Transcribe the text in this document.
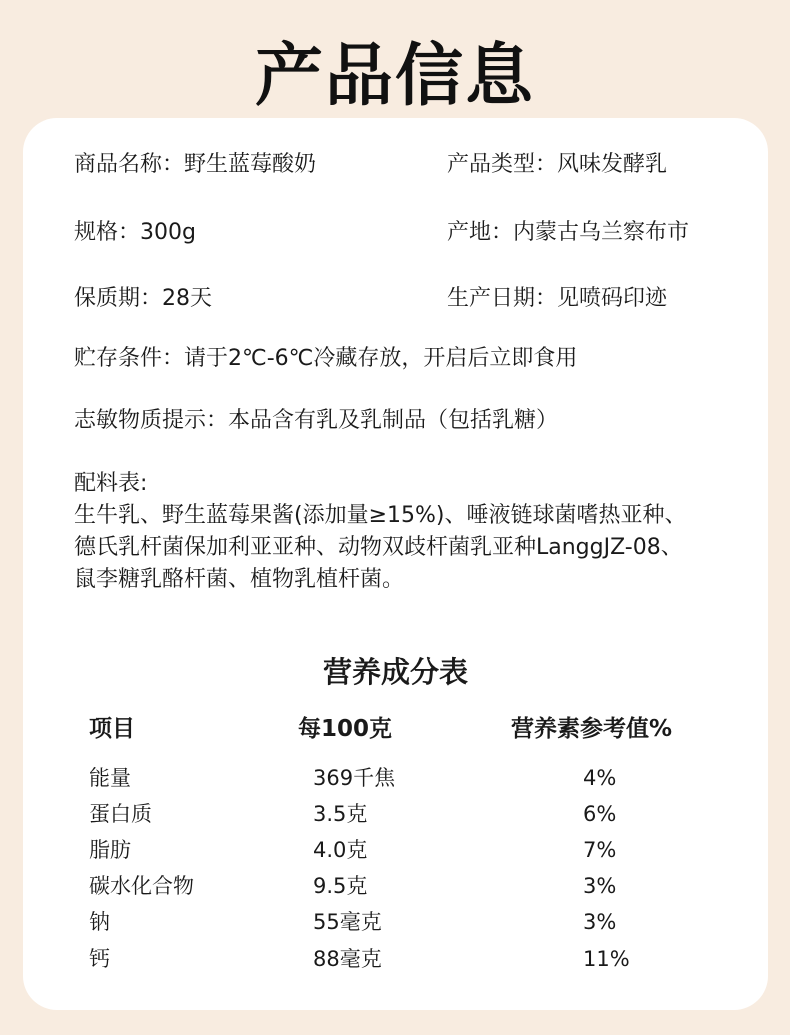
产品信息
商品名称：野生蓝莓酸奶	产品类型：风味发酵乳
规格：300g	产地：内蒙古乌兰察布市
保质期：28天	生产日期：见喷码印迹
贮存条件：请于2℃-6℃冷藏存放，开启后立即食用
志敏物质提示：本品含有乳及乳制品（包括乳糖）
配料表:
生牛乳、野生蓝莓果酱(添加量≥15%)、唾液链球菌嗜热亚种、
德氏乳杆菌保加利亚亚种、动物双歧杆菌乳亚种LanggJZ-08、
鼠李糖乳酪杆菌、植物乳植杆菌。
营养成分表
项目	每100克	营养素参考值%
能量	369千焦	4%
蛋白质	3.5克	6%
脂肪	4.0克	7%
碳水化合物	9.5克	3%
钠	55毫克	3%
钙	88毫克	11%
